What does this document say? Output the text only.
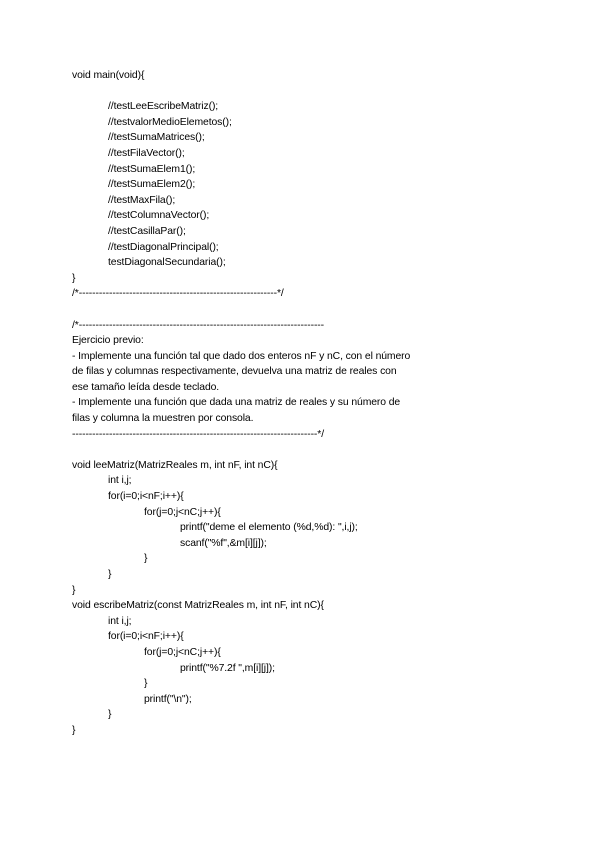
void main(void){
//testLeeEscribeMatriz();
//testvalorMedioElemetos();
//testSumaMatrices();
//testFilaVector();
//testSumaElem1();
//testSumaElem2();
//testMaxFila();
//testColumnaVector();
//testCasillaPar();
//testDiagonalPrincipal();
testDiagonalSecundaria();
}
/*-----------------------------------------------------------*/
/*-------------------------------------------------------------------------
Ejercicio previo:
- Implemente una función tal que dado dos enteros nF y nC, con el número
de filas y columnas respectivamente, devuelva una matriz de reales con
ese tamaño leída desde teclado.
- Implemente una función que dada una matriz de reales y su número de
filas y columna la muestren por consola.
-------------------------------------------------------------------------*/
void leeMatriz(MatrizReales m, int nF, int nC){
int i,j;
for(i=0;i<nF;i++){
for(j=0;j<nC;j++){
printf("deme el elemento (%d,%d): ",i,j);
scanf("%f",&m[i][j]);
}
}
}
void escribeMatriz(const MatrizReales m, int nF, int nC){
int i,j;
for(i=0;i<nF;i++){
for(j=0;j<nC;j++){
printf("%7.2f ",m[i][j]);
}
printf("\n");
}
}
